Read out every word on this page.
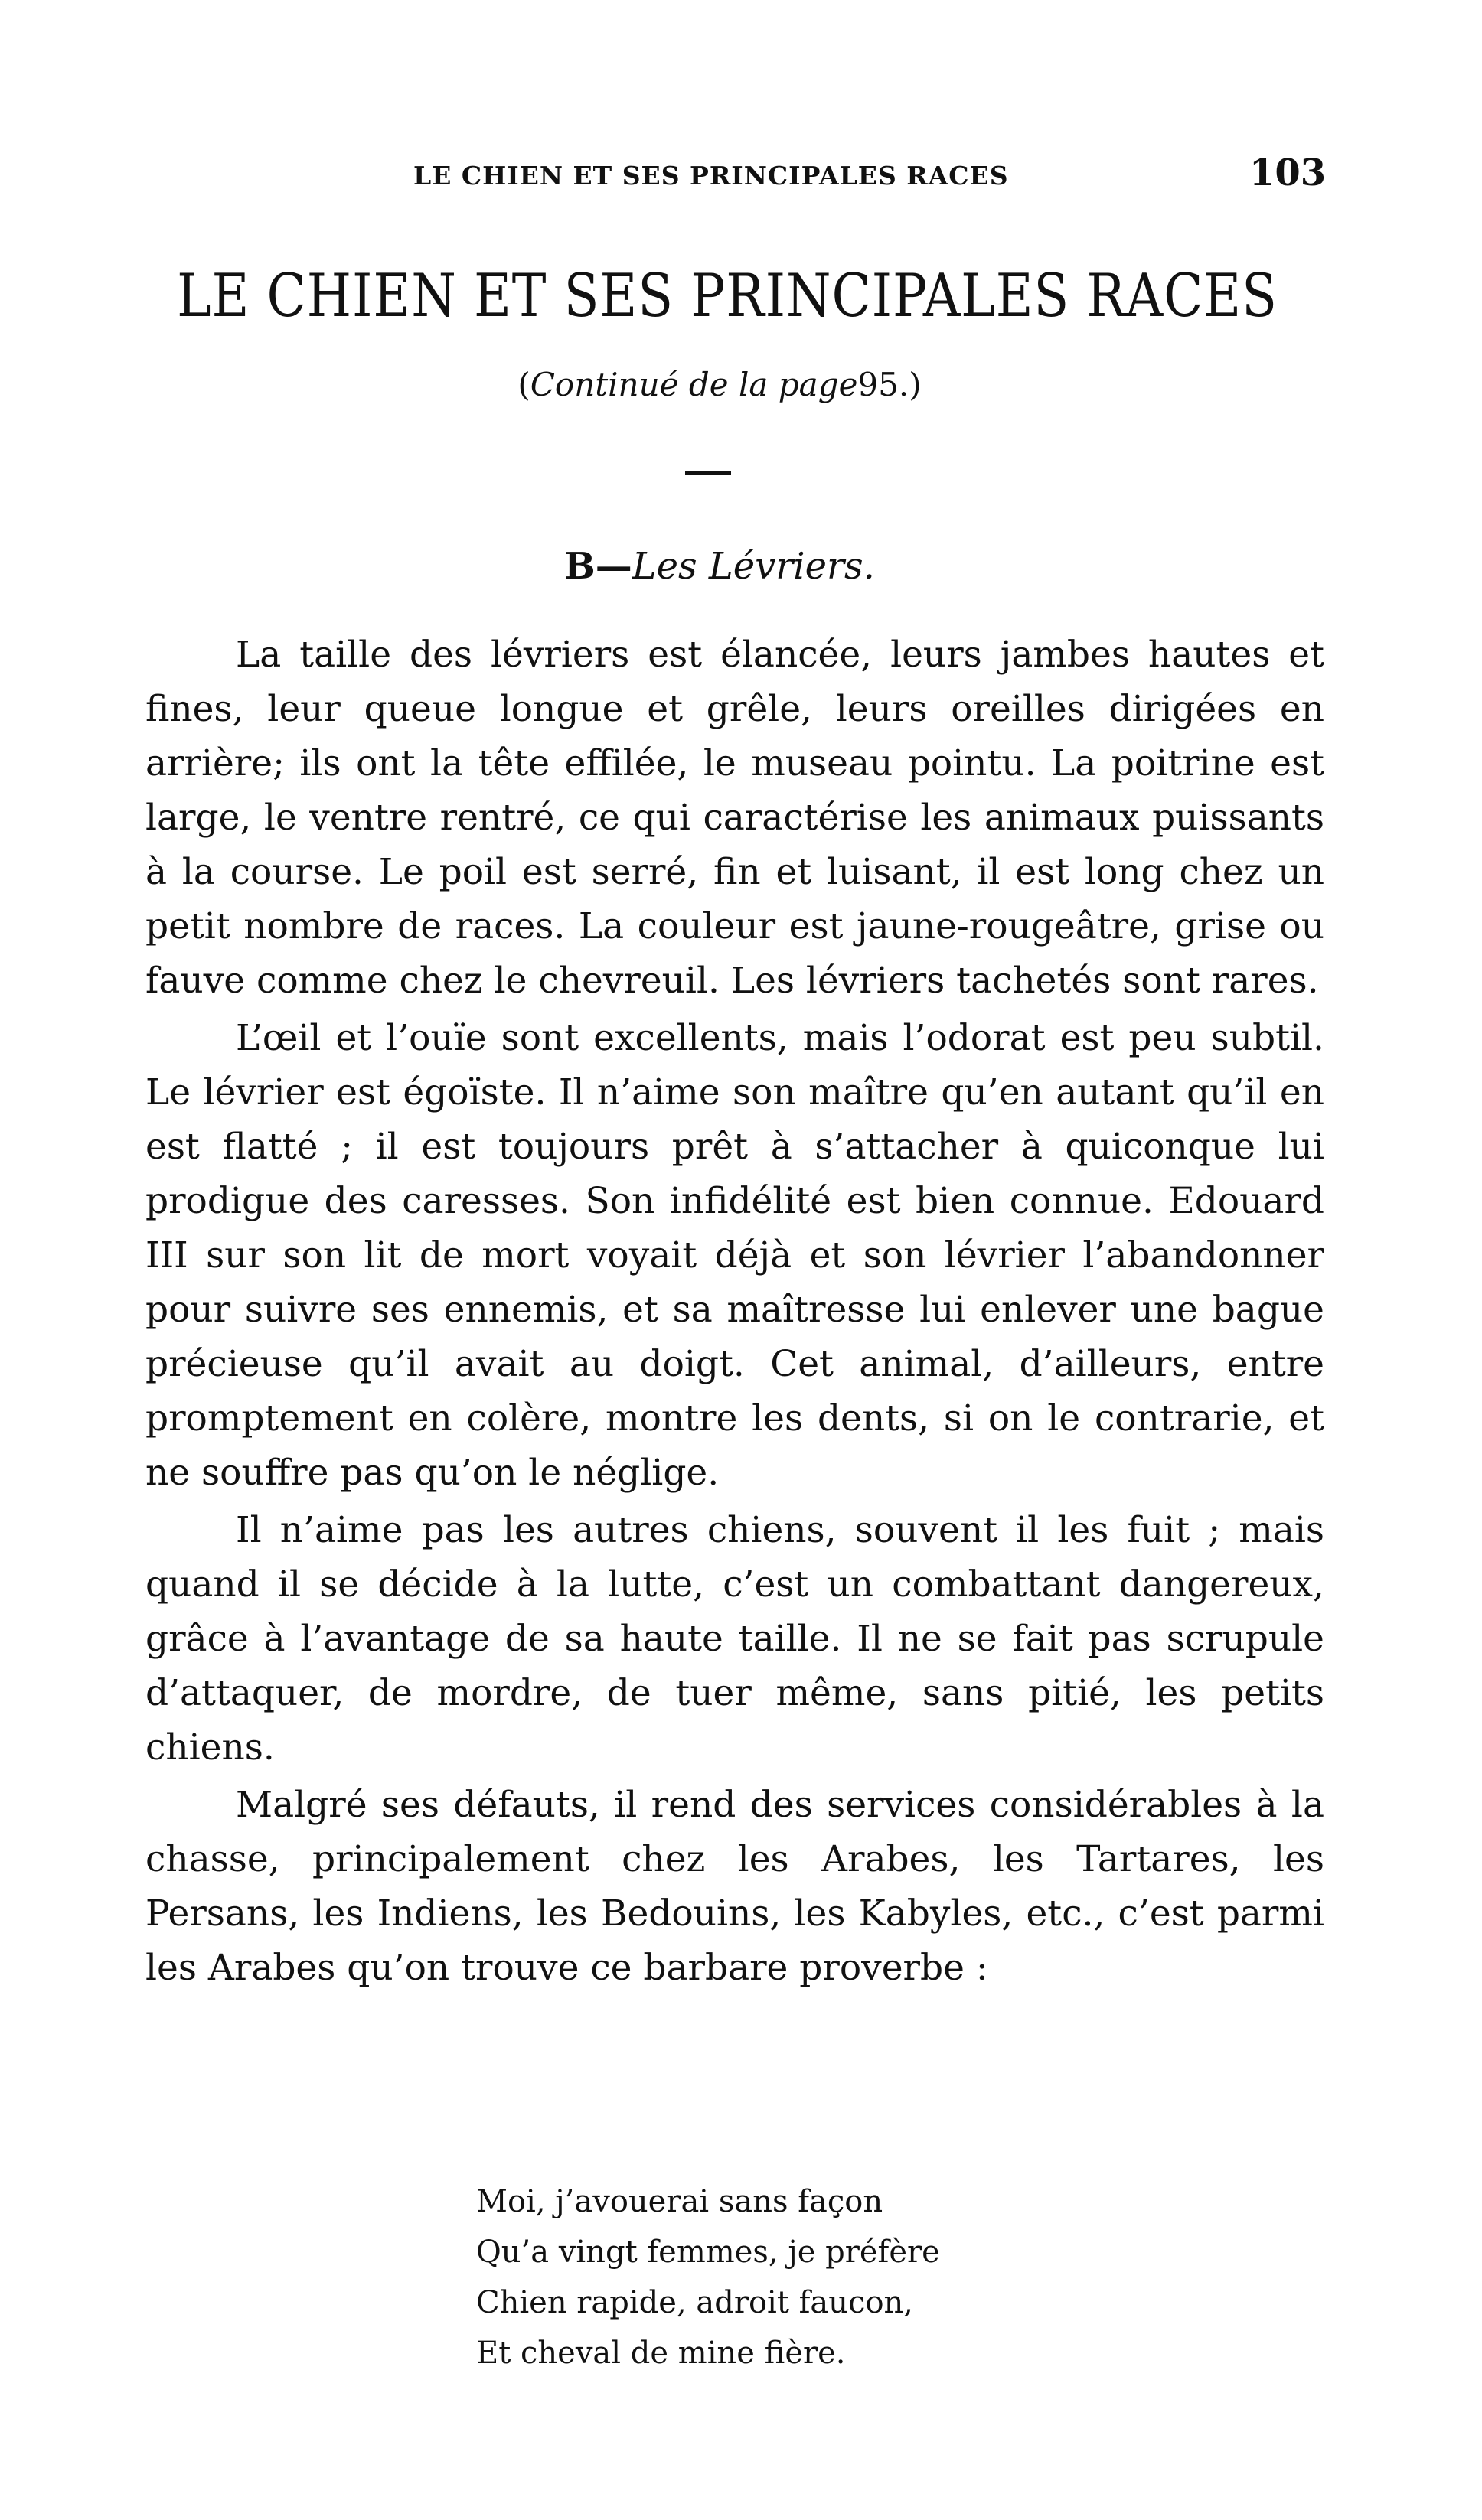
LE CHIEN ET SES PRINCIPALES RACES	103
LE CHIEN ET SES PRINCIPALES RACES
(Continué de la page95.)
B—Les Lévriers.

La taille des lévriers est élancée, leurs jambes hautes et fines, leur queue longue et grêle, leurs oreilles dirigées en arrière; ils ont la tête effilée, le museau pointu. La poitrine est large, le ventre rentré, ce qui caractérise les animaux puissants à la course. Le poil est serré, fin et luisant, il est long chez un petit nombre de races. La couleur est jaune-rougeâtre, grise ou fauve comme chez le chevreuil. Les lévriers tachetés sont rares.

L’œil et l’ouïe sont excellents, mais l’odorat est peu subtil. Le lévrier est égoïste. Il n’aime son maître qu’en autant qu’il en est flatté ; il est toujours prêt à s’attacher à quiconque lui prodigue des caresses. Son infidélité est bien connue. Edouard III sur son lit de mort voyait déjà et son lévrier l’abandonner pour suivre ses ennemis, et sa maîtresse lui enlever une bague précieuse qu’il avait au doigt. Cet animal, d’ailleurs, entre promptement en colère, montre les dents, si on le contrarie, et ne souffre pas qu’on le néglige.

Il n’aime pas les autres chiens, souvent il les fuit ; mais quand il se décide à la lutte, c’est un combattant dangereux, grâce à l’avantage de sa haute taille. Il ne se fait pas scrupule d’attaquer, de mordre, de tuer même, sans pitié, les petits chiens.

Malgré ses défauts, il rend des services considérables à la chasse, principalement chez les Arabes, les Tartares, les Persans, les Indiens, les Bedouins, les Kabyles, etc., c’est parmi les Arabes qu’on trouve ce barbare proverbe :

Moi, j’avouerai sans façon
Qu’a vingt femmes, je préfère
Chien rapide, adroit faucon,
Et cheval de mine fière.
